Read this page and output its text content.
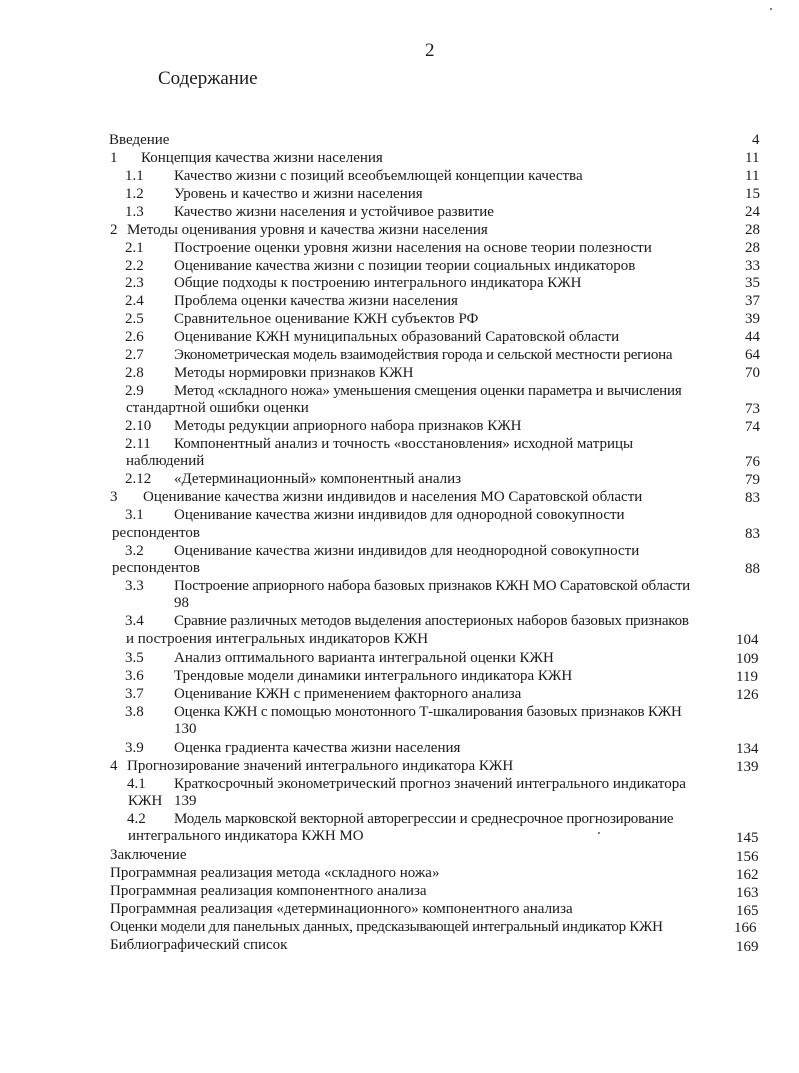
2
Содержание
Введение	4
1 Концепция качества жизни населения	11
1.1 Качество жизни с позиций всеобъемлющей концепции качества	11
1.2 Уровень и качество и жизни населения	15
1.3 Качество жизни населения и устойчивое развитие	24
2 Методы оценивания уровня и качества жизни населения	28
2.1 Построение оценки уровня жизни населения на основе теории полезности	28
2.2 Оценивание качества жизни с позиции теории социальных индикаторов	33
2.3 Общие подходы к построению интегрального индикатора КЖН	35
2.4 Проблема оценки качества жизни населения	37
2.5 Сравнительное оценивание КЖН субъектов РФ	39
2.6 Оценивание КЖН муниципальных образований Саратовской области	44
2.7 Эконометрическая модель взаимодействия города и сельской местности региона	64
2.8 Методы нормировки признаков КЖН	70
2.9 Метод «складного ножа» уменьшения смещения оценки параметра и вычисления
стандартной ошибки оценки	73
2.10 Методы редукции априорного набора признаков КЖН	74
2.11 Компонентный анализ и точность «восстановления» исходной матрицы
наблюдений	76
2.12 «Детерминационный» компонентный анализ	79
3 Оценивание качества жизни индивидов и населения МО Саратовской области	83
3.1 Оценивание качества жизни индивидов для однородной совокупности
респондентов	83
3.2 Оценивание качества жизни индивидов для неоднородной совокупности
респондентов	88
3.3 Построение априорного набора базовых признаков КЖН МО Саратовской области
98
3.4 Сравние различных методов выделения апостерионых наборов базовых признаков
и построения интегральных индикаторов КЖН	104
3.5 Анализ оптимального варианта интегральной оценки КЖН	109
3.6 Трендовые модели динамики интегрального индикатора КЖН	119
3.7 Оценивание КЖН с применением факторного анализа	126
3.8 Оценка КЖН с помощью монотонного Т-шкалирования базовых признаков КЖН
130
3.9 Оценка градиента качества жизни населения	134
4 Прогнозирование значений интегрального индикатора КЖН	139
4.1 Краткосрочный эконометрический прогноз значений интегрального индикатора
КЖН 139
4.2 Модель марковской векторной авторегрессии и среднесрочное прогнозирование
интегрального индикатора КЖН МО	145
Заключение	156
Программная реализация метода «складного ножа»	162
Программная реализация компонентного анализа	163
Программная реализация «детерминационного» компонентного анализа	165
Оценки модели для панельных данных, предсказывающей интегральный индикатор КЖН	166
Библиографический список	169
